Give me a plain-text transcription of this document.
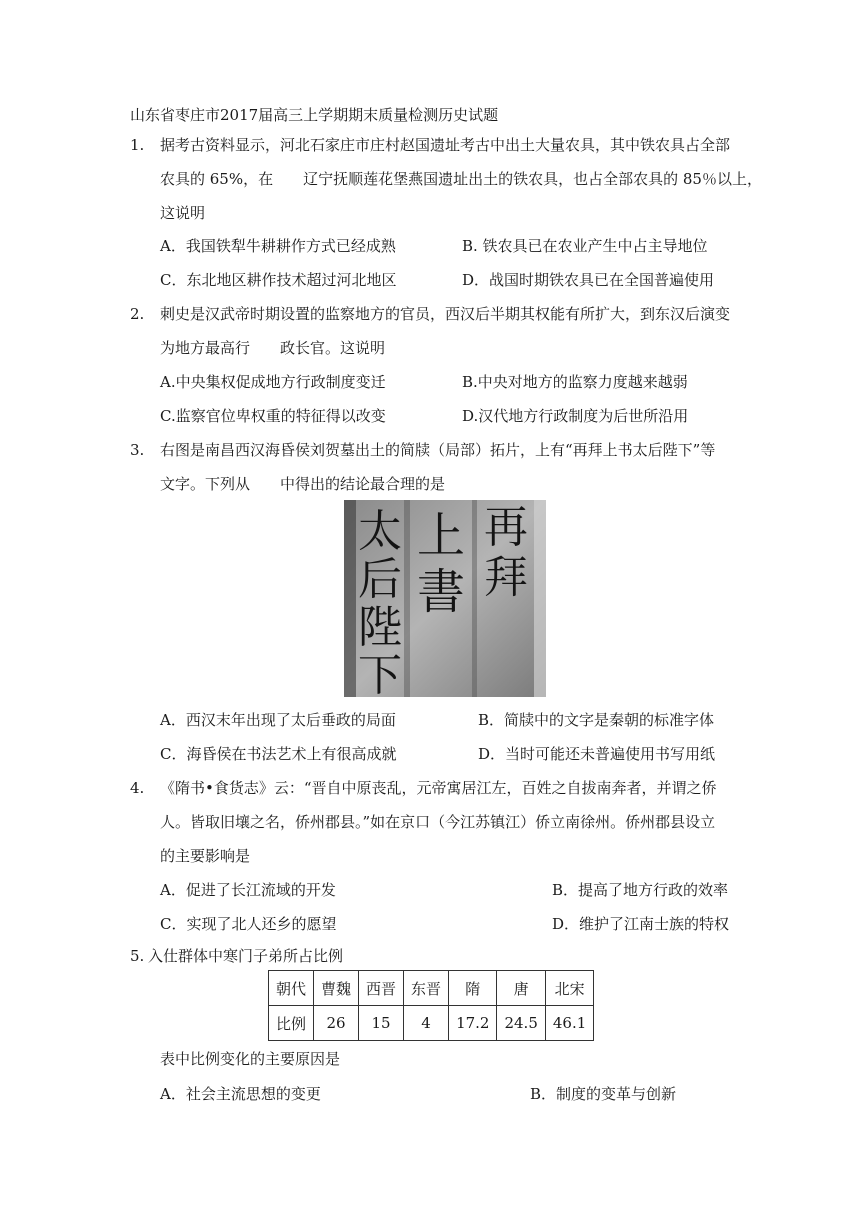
山东省枣庄市2017届高三上学期期末质量检测历史试题
1. 据考古资料显示，河北石家庄市庄村赵国遗址考古中出土大量农具，其中铁农具占全部
农具的 65%，在　　辽宁抚顺莲花堡燕国遗址出土的铁农具，也占全部农具的 85％以上，
这说明
A．我国铁犁牛耕耕作方式已经成熟	B. 铁农具已在农业产生中占主导地位
C．东北地区耕作技术超过河北地区	D．战国时期铁农具已在全国普遍使用
2. 刺史是汉武帝时期设置的监察地方的官员，西汉后半期其权能有所扩大，到东汉后演变
为地方最高行　　政长官。这说明
A.中央集权促成地方行政制度变迁	B.中央对地方的监察力度越来越弱
C.监察官位卑权重的特征得以改变	D.汉代地方行政制度为后世所沿用
3. 右图是南昌西汉海昏侯刘贺墓出土的简牍（局部）拓片，上有“再拜上书太后陛下”等
文字。下列从　　中得出的结论最合理的是
太
后
陛
下
上
書
再
拜
A．西汉末年出现了太后垂政的局面	B．简牍中的文字是秦朝的标准字体
C．海昏侯在书法艺术上有很高成就	D．当时可能还未普遍使用书写用纸
4. 《隋书•食货志》云：“晋自中原丧乱，元帝寓居江左，百姓之自拔南奔者，并谓之侨
人。皆取旧壤之名，侨州郡县。”如在京口（今江苏镇江）侨立南徐州。侨州郡县设立
的主要影响是
A．促进了长江流域的开发	B．提高了地方行政的效率
C．实现了北人还乡的愿望	D．维护了江南士族的特权
5. 入仕群体中寒门子弟所占比例
朝代	曹魏	西晋	东晋	隋	唐	北宋
比例	26	15	4	17.2	24.5	46.1
表中比例变化的主要原因是
A．社会主流思想的变更	B．制度的变革与创新
